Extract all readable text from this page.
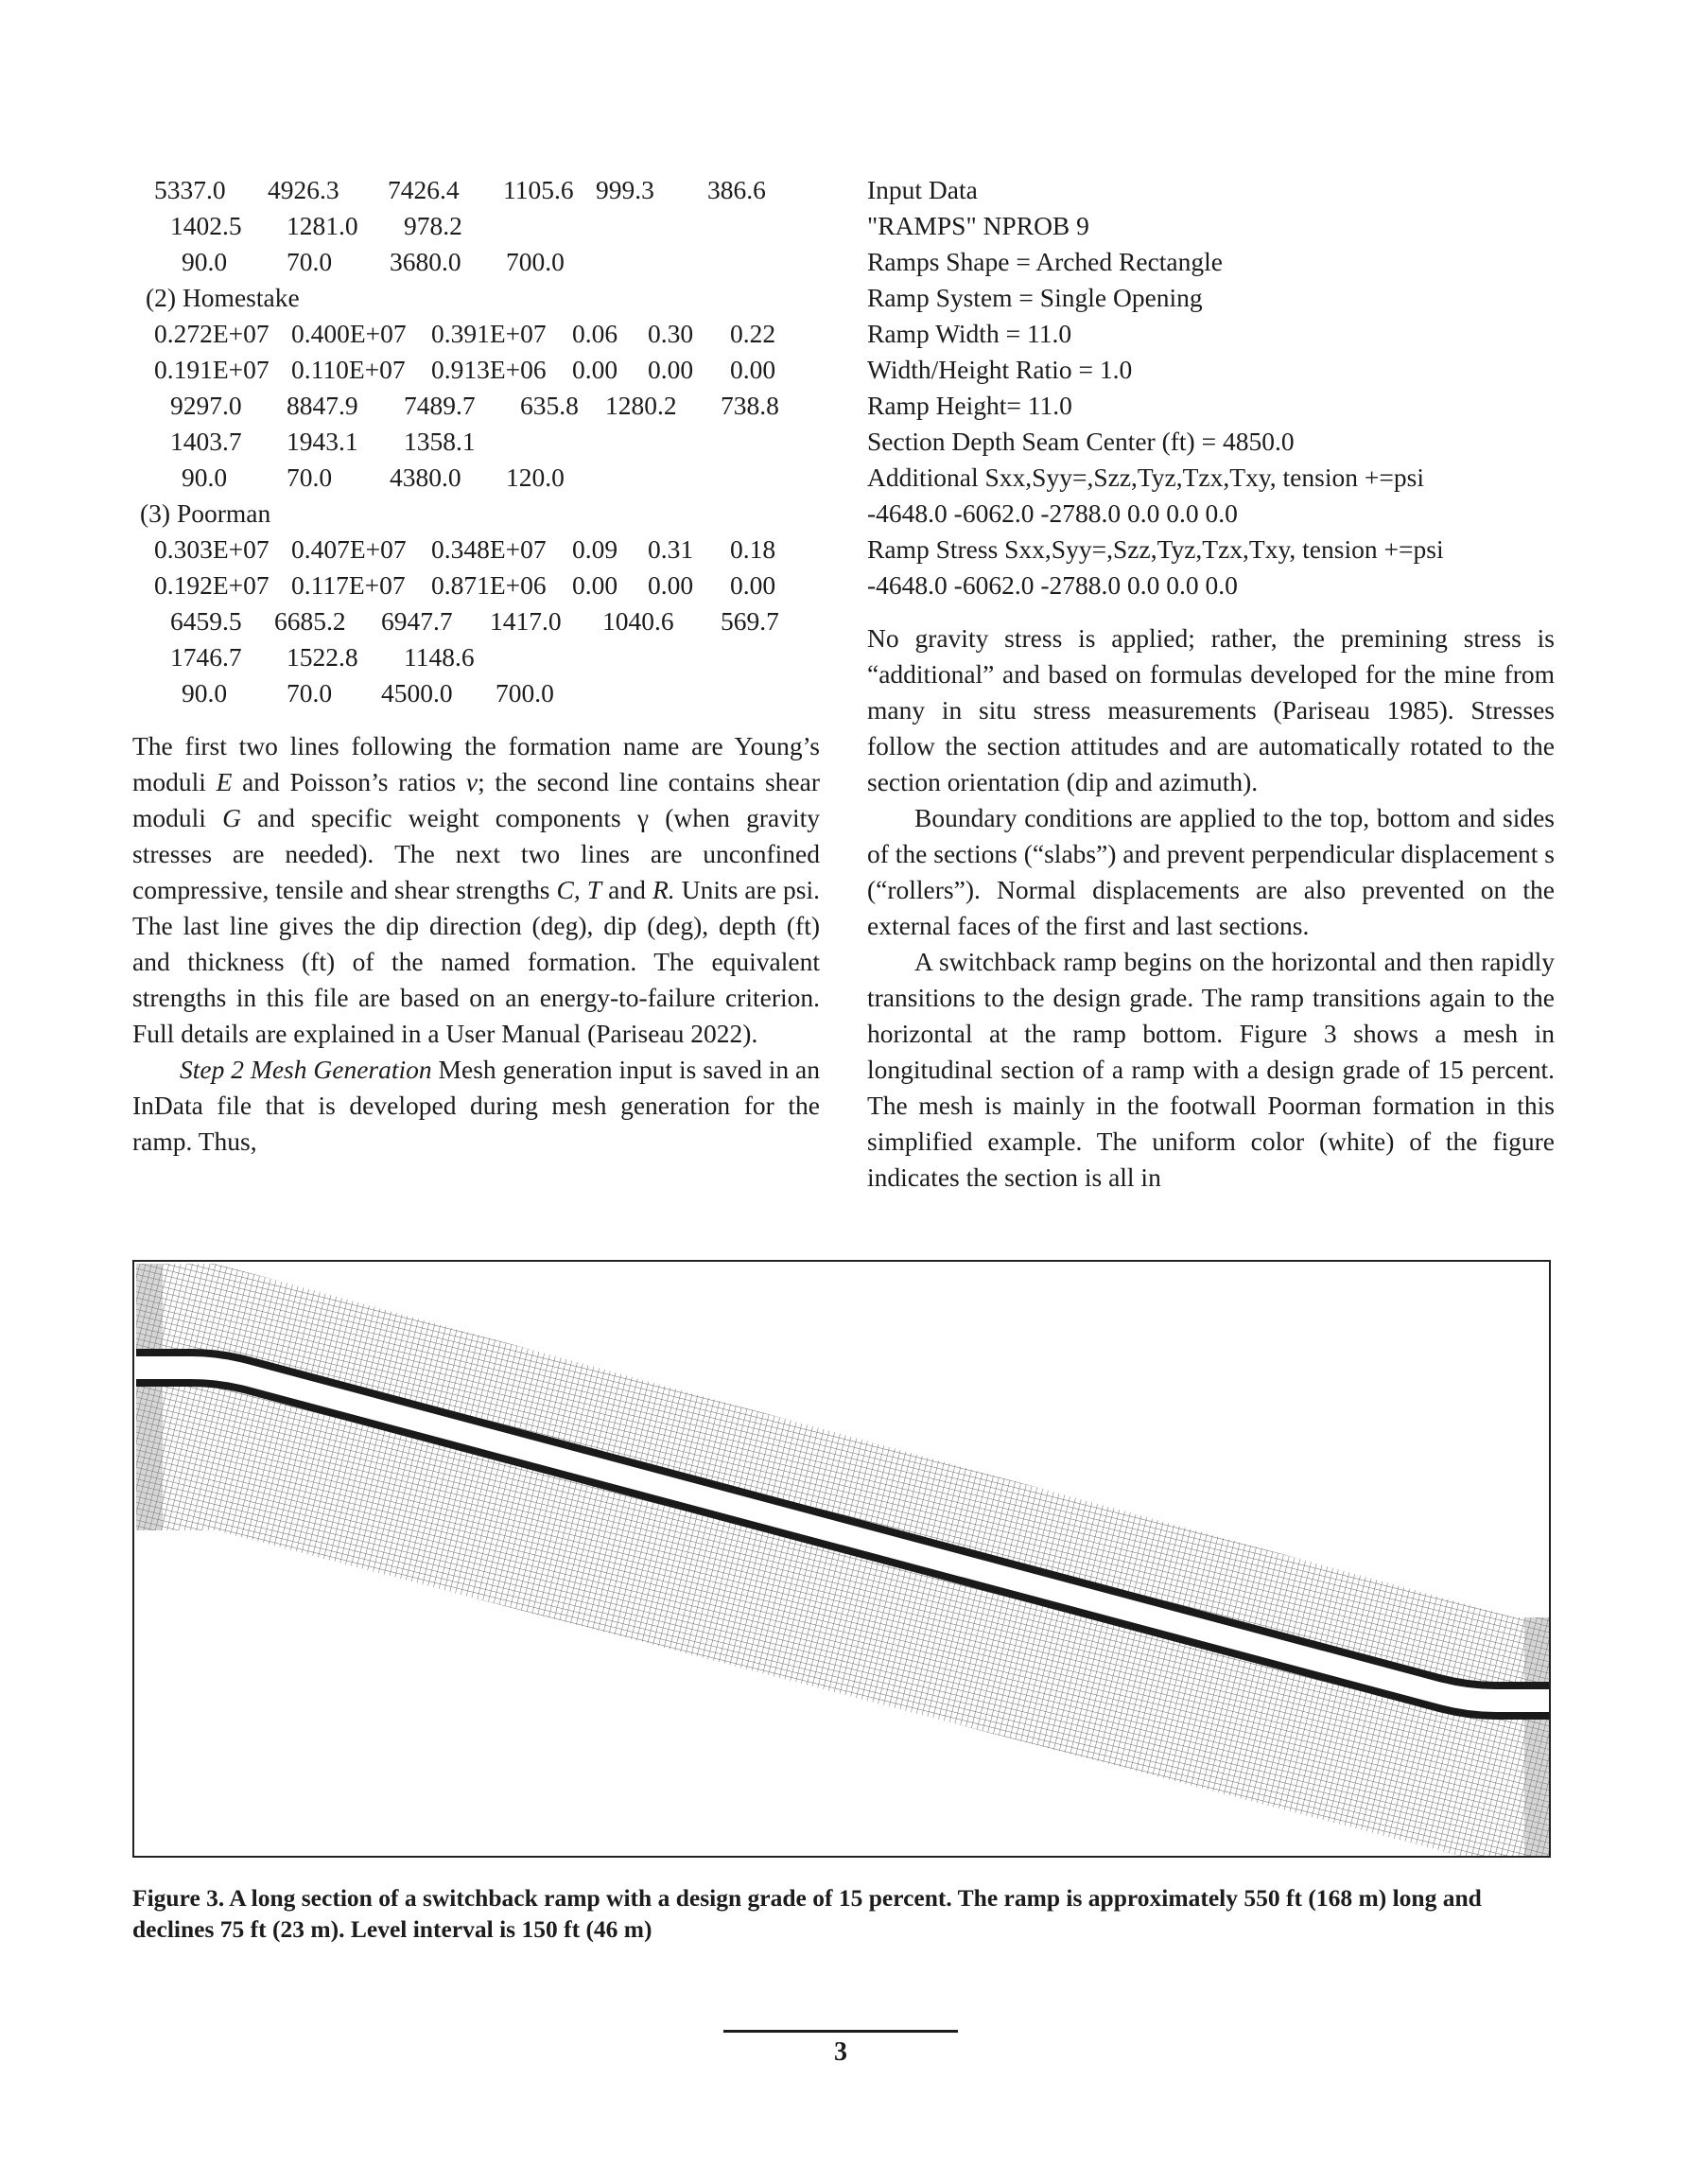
5337.0 4926.3 7426.4 1105.6 999.3 386.6
1402.5 1281.0 978.2
90.0 70.0 3680.0 700.0
(2) Homestake
0.272E+07 0.400E+07 0.391E+07 0.06 0.30 0.22
0.191E+07 0.110E+07 0.913E+06 0.00 0.00 0.00
9297.0 8847.9 7489.7 635.8 1280.2 738.8
1403.7 1943.1 1358.1
90.0 70.0 4380.0 120.0
(3) Poorman
0.303E+07 0.407E+07 0.348E+07 0.09 0.31 0.18
0.192E+07 0.117E+07 0.871E+06 0.00 0.00 0.00
6459.5 6685.2 6947.7 1417.0 1040.6 569.7
1746.7 1522.8 1148.6
90.0 70.0 4500.0 700.0

The first two lines following the formation name are Young’s moduli E and Poisson’s ratios v; the second line contains shear moduli G and specific weight components γ (when gravity stresses are needed). The next two lines are unconfined compressive, tensile and shear strengths C, T and R. Units are psi. The last line gives the dip direction (deg), dip (deg), depth (ft) and thickness (ft) of the named formation. The equivalent strengths in this file are based on an energy-to-failure criterion. Full details are explained in a User Manual (Pariseau 2022).

Step 2 Mesh Generation Mesh generation input is saved in an InData file that is developed during mesh generation for the ramp. Thus,

Input Data
"RAMPS" NPROB 9
Ramps Shape = Arched Rectangle
Ramp System = Single Opening
Ramp Width = 11.0
Width/Height Ratio = 1.0
Ramp Height= 11.0
Section Depth Seam Center (ft) = 4850.0
Additional Sxx,Syy=,Szz,Tyz,Tzx,Txy, tension +=psi
-4648.0 -6062.0 -2788.0 0.0 0.0 0.0
Ramp Stress Sxx,Syy=,Szz,Tyz,Tzx,Txy, tension +=psi
-4648.0 -6062.0 -2788.0 0.0 0.0 0.0

No gravity stress is applied; rather, the premining stress is “additional” and based on formulas developed for the mine from many in situ stress measurements (Pariseau 1985). Stresses follow the section attitudes and are automatically rotated to the section orientation (dip and azimuth).

Boundary conditions are applied to the top, bottom and sides of the sections (“slabs”) and prevent perpendicular displacement s (“rollers”). Normal displacements are also prevented on the external faces of the first and last sections.

A switchback ramp begins on the horizontal and then rapidly transitions to the design grade. The ramp transitions again to the horizontal at the ramp bottom. Figure 3 shows a mesh in longitudinal section of a ramp with a design grade of 15 percent. The mesh is mainly in the footwall Poorman formation in this simplified example. The uniform color (white) of the figure indicates the section is all in

Figure 3. A long section of a switchback ramp with a design grade of 15 percent. The ramp is approximately 550 ft (168 m) long and declines 75 ft (23 m). Level interval is 150 ft (46 m)
3
